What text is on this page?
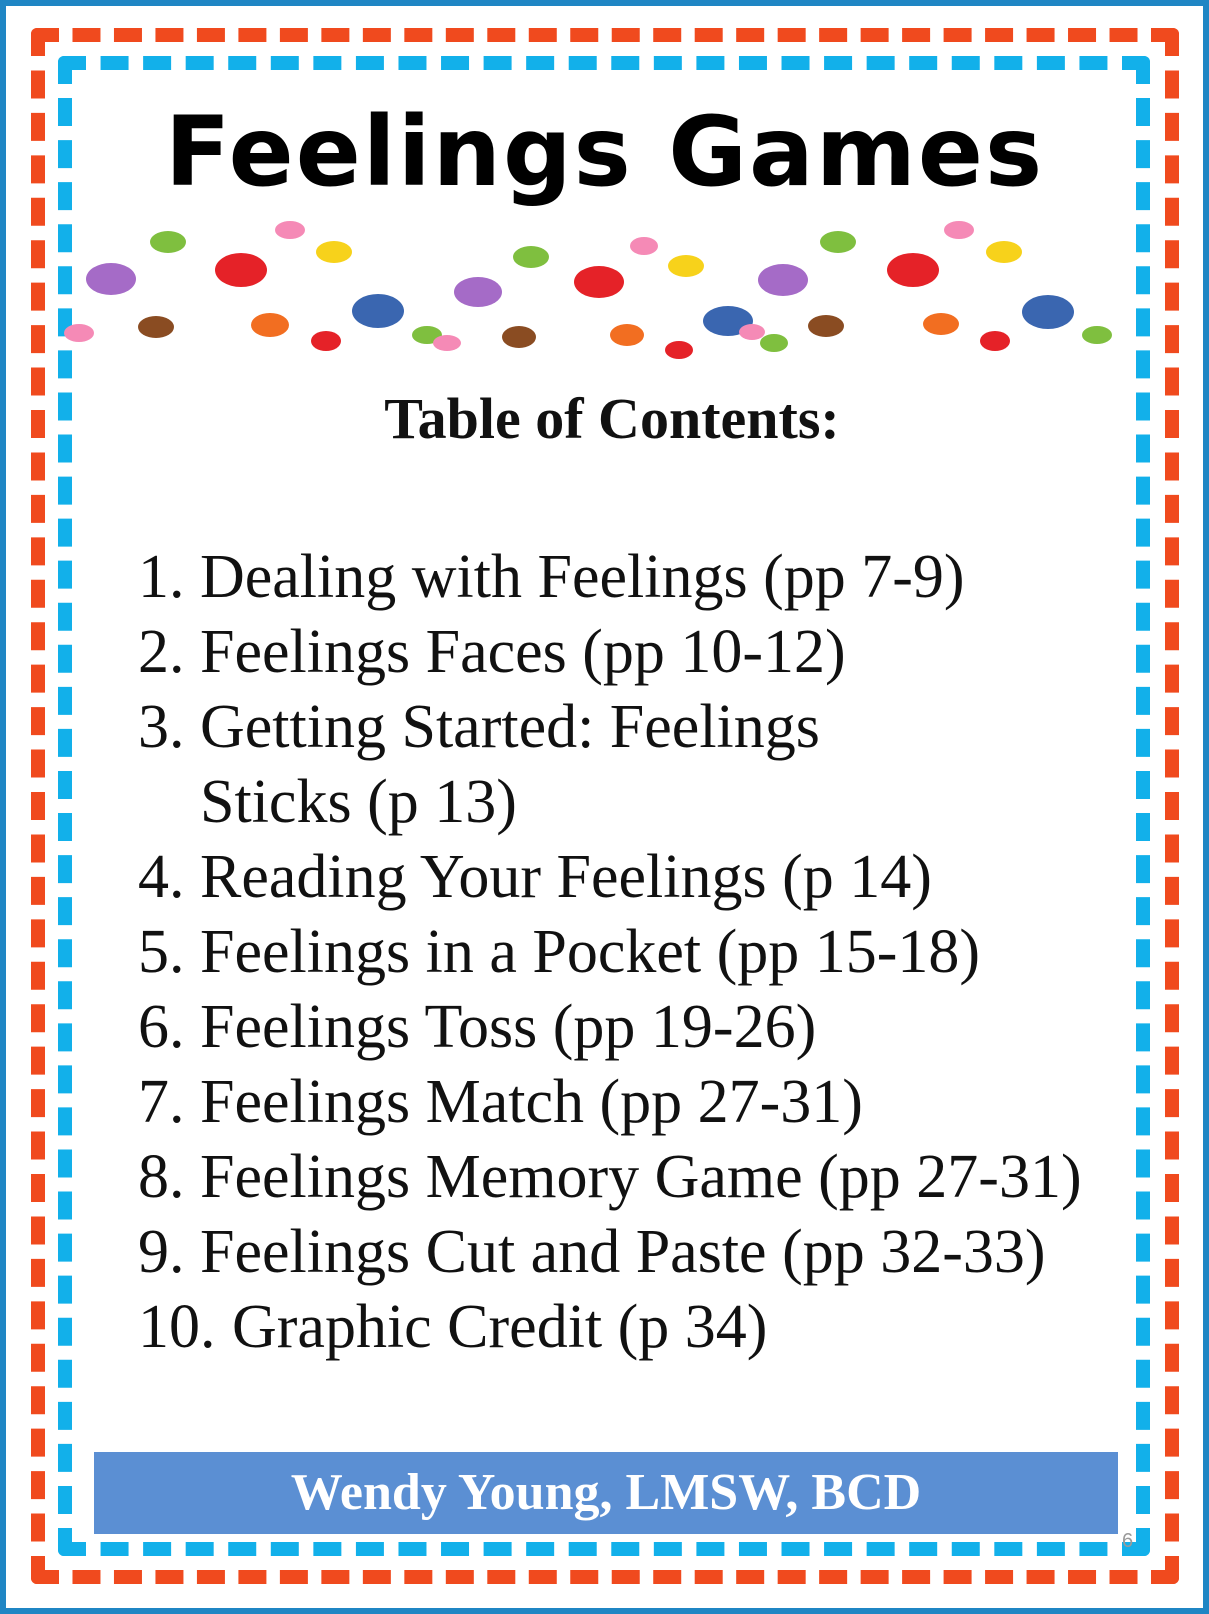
Feelings Games
Table of Contents:
1. Dealing with Feelings (pp 7-9)
2. Feelings Faces (pp 10-12)
3. Getting Started: Feelings Sticks (p 13)
4. Reading Your Feelings (p 14)
5. Feelings in a Pocket (pp 15-18)
6. Feelings Toss (pp 19-26)
7. Feelings Match (pp 27-31)
8. Feelings Memory Game (pp 27-31)
9. Feelings Cut and Paste (pp 32-33)
10. Graphic Credit (p 34)
Wendy Young, LMSW, BCD
6
